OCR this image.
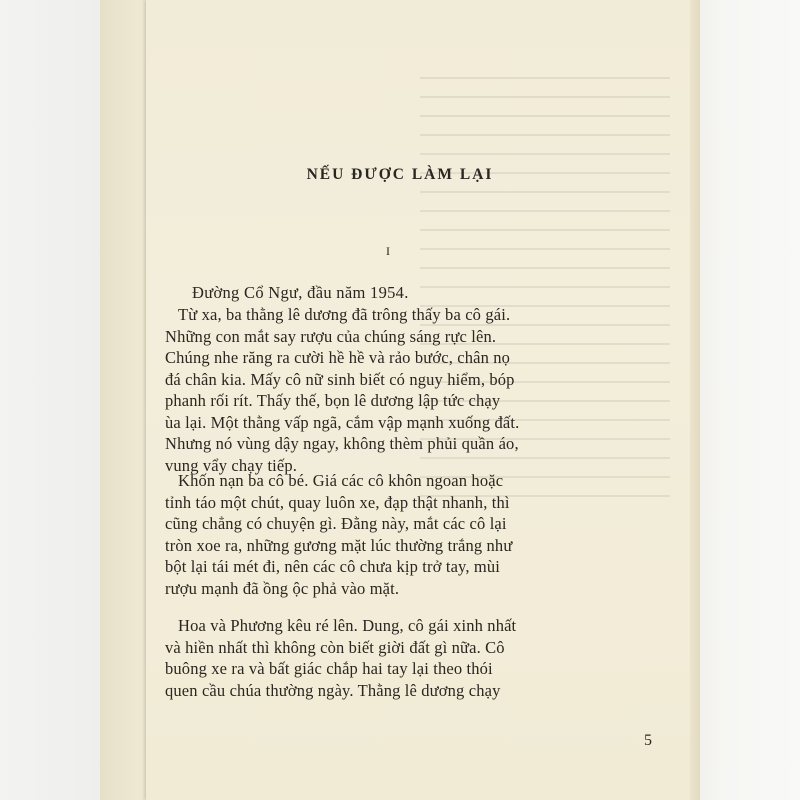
NẾU ĐƯỢC LÀM LẠI
I
Đường Cổ Ngư, đầu năm 1954.
Từ xa, ba thằng lê dương đã trông thấy ba cô gái.
Những con mắt say rượu của chúng sáng rực lên.
Chúng nhe răng ra cười hề hề và rảo bước, chân nọ
đá chân kia. Mấy cô nữ sinh biết có nguy hiểm, bóp
phanh rối rít. Thấy thế, bọn lê dương lập tức chạy
ùa lại. Một thằng vấp ngã, cắm vập mạnh xuống đất.
Nhưng nó vùng dậy ngay, không thèm phủi quần áo,
vung vẩy chạy tiếp.
Khốn nạn ba cô bé. Giá các cô khôn ngoan hoặc
tỉnh táo một chút, quay luôn xe, đạp thật nhanh, thì
cũng chẳng có chuyện gì. Đằng này, mắt các cô lại
tròn xoe ra, những gương mặt lúc thường trắng như
bột lại tái mét đi, nên các cô chưa kịp trở tay, mùi
rượu mạnh đã ồng ộc phả vào mặt.
Hoa và Phương kêu ré lên. Dung, cô gái xinh nhất
và hiền nhất thì không còn biết giời đất gì nữa. Cô
buông xe ra và bất giác chắp hai tay lại theo thói
quen cầu chúa thường ngày. Thằng lê dương chạy
5
